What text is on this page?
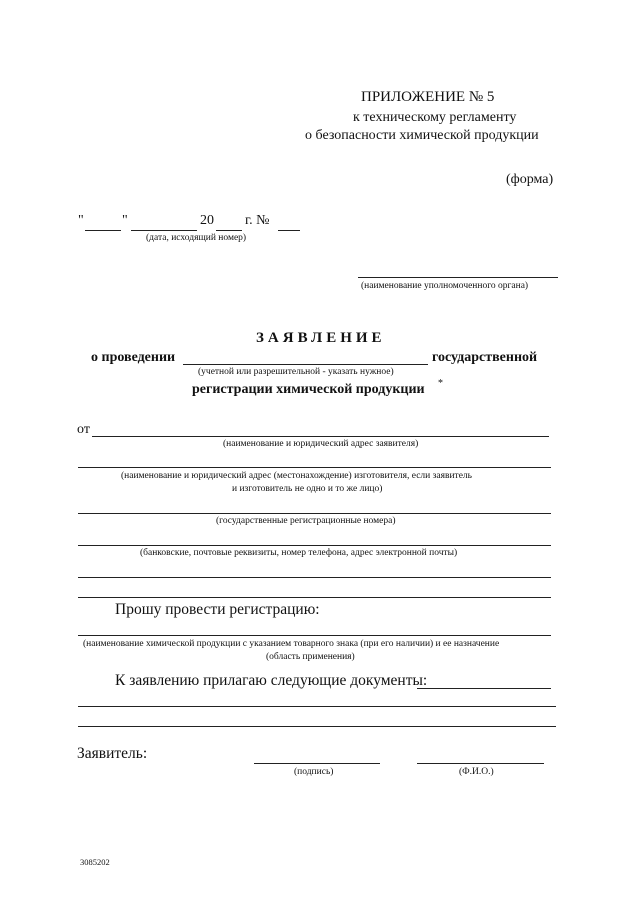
ПРИЛОЖЕНИЕ № 5
к техническому регламенту
о безопасности химической продукции
(форма)
"	"	20 г. №
(дата, исходящий номер)
(наименование уполномоченного органа)
ЗАЯВЛЕНИЕ
о проведении	государственной
(учетной или разрешительной - указать нужное)
регистрации химической продукции *
от
(наименование и юридический адрес заявителя)
(наименование и юридический адрес (местонахождение) изготовителя, если заявитель
и изготовитель не одно и то же лицо)
(государственные регистрационные номера)
(банковские, почтовые реквизиты, номер телефона, адрес электронной почты)
Прошу провести регистрацию:
(наименование химической продукции с указанием товарного знака (при его наличии) и ее назначение
(область применения)
К заявлению прилагаю следующие документы:
Заявитель:
(подпись)	(Ф.И.О.)
3085202
